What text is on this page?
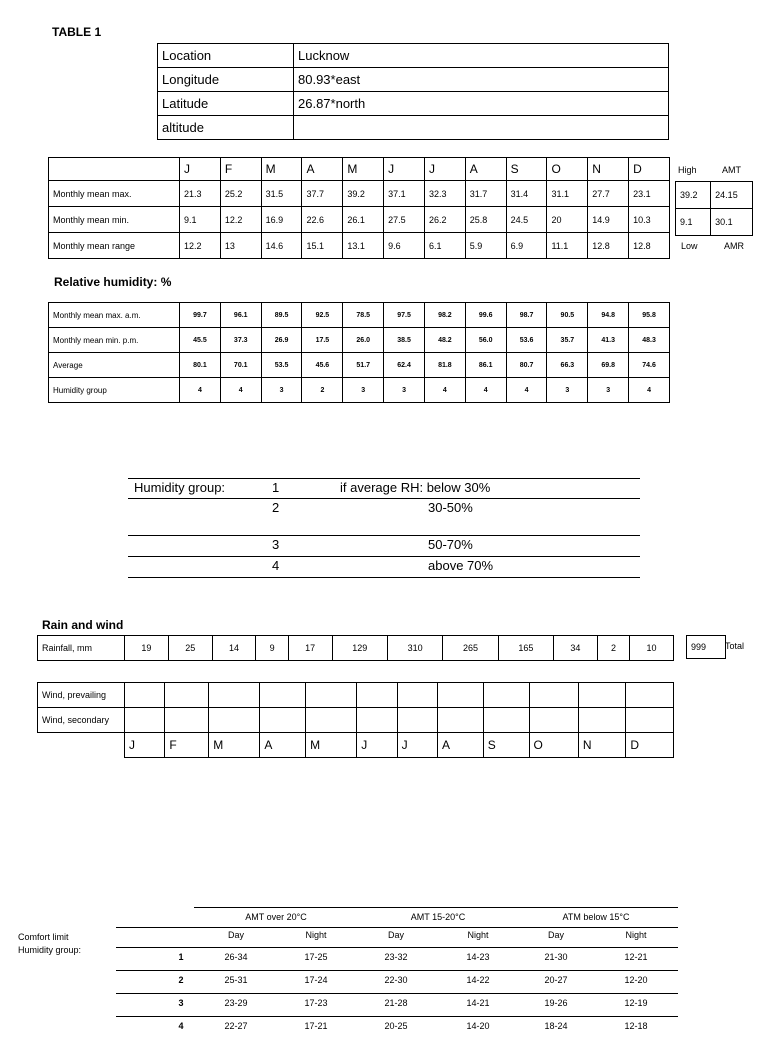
TABLE 1
Location	Lucknow
Longitude	80.93*east
Latitude	26.87*north
altitude	
	J	F	M	A	M	J	J	A	S	O	N	D
Monthly mean max.	21.3	25.2	31.5	37.7	39.2	37.1	32.3	31.7	31.4	31.1	27.7	23.1
Monthly mean min.	9.1	12.2	16.9	22.6	26.1	27.5	26.2	25.8	24.5	20	14.9	10.3
Monthly mean range	12.2	13	14.6	15.1	13.1	9.6	6.1	5.9	6.9	11.1	12.8	12.8
High	AMT
39.2	24.15
9.1	30.1
Low	AMR
Relative humidity: %
Monthly mean max. a.m.	99.7	96.1	89.5	92.5	78.5	97.5	98.2	99.6	98.7	90.5	94.8	95.8
Monthly mean min. p.m.	45.5	37.3	26.9	17.5	26.0	38.5	48.2	56.0	53.6	35.7	41.3	48.3
Average	80.1	70.1	53.5	45.6	51.7	62.4	81.8	86.1	80.7	66.3	69.8	74.6
Humidity group	4	4	3	2	3	3	4	4	4	3	3	4
Humidity group:	1	if average RH: below 30%
2	30-50%
3	50-70%
4	above 70%
Rain and wind
Rainfall, mm	19	25	14	9	17	129	310	265	165	34	2	10	999 Total
Wind, prevailing												
Wind, secondary												
	J	F	M	A	M	J	J	A	S	O	N	D
Comfort limit
Humidity group:
AMT over 20°C	AMT 15-20°C	ATM below 15°C
Day	Night	Day	Night	Day	Night
1	26-34	17-25	23-32	14-23	21-30	12-21
2	25-31	17-24	22-30	14-22	20-27	12-20
3	23-29	17-23	21-28	14-21	19-26	12-19
4	22-27	17-21	20-25	14-20	18-24	12-18
